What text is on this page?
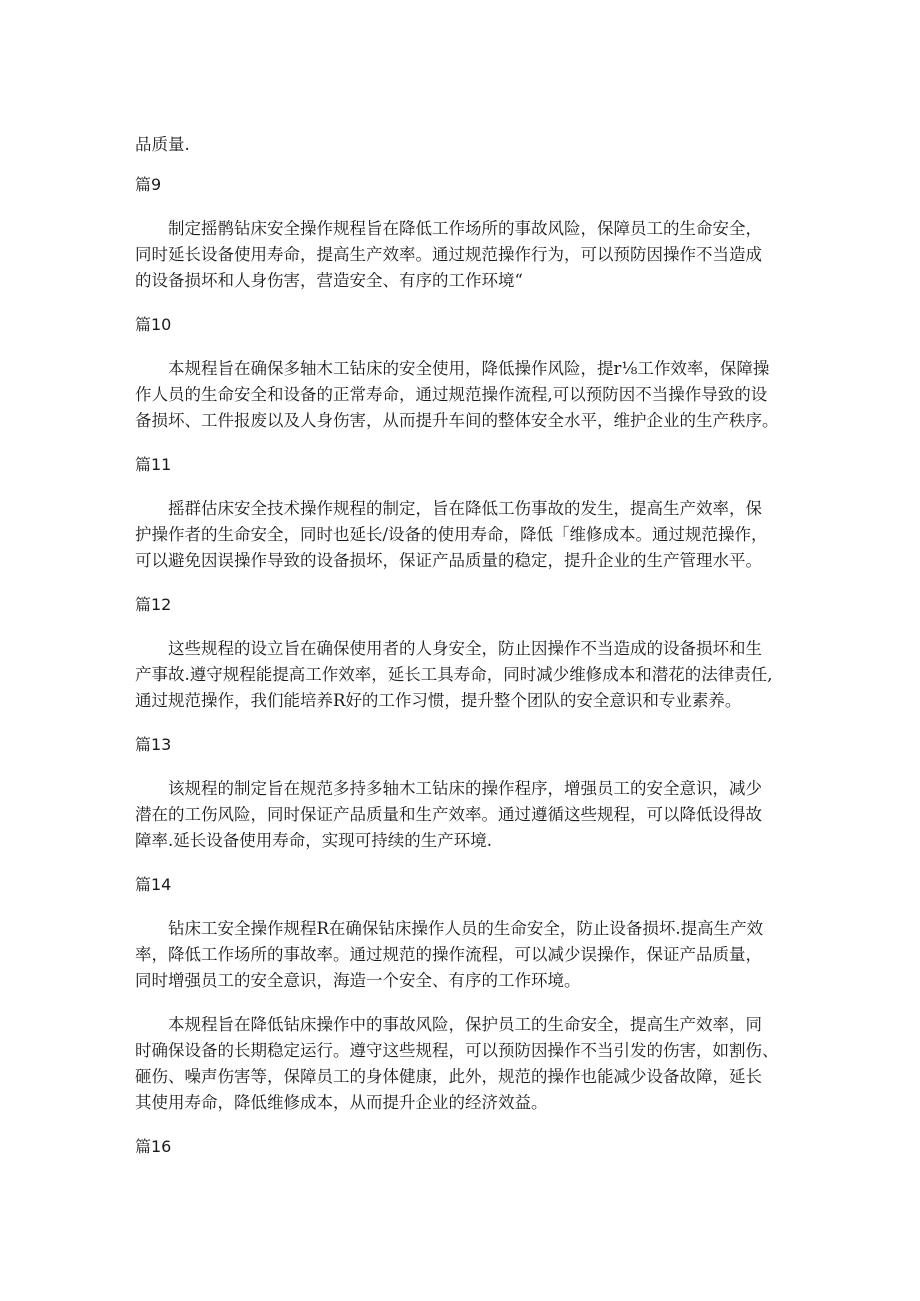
品质量.

篇9

制定摇鹘钻床安全操作规程旨在降低工作场所的事故风险，保障员工的生命安全，

同时延长设备使用寿命，提高生产效率。通过规范操作行为，可以预防因操作不当造成

的设备损坏和人身伤害，营造安全、有序的工作环境“

篇10

本规程旨在确保多轴木工钻床的安全使用，降低操作风险，提r⅛工作效率，保障操

作人员的生命安全和设备的正常寿命，通过规范操作流程,可以预防因不当操作导致的设

备损坏、工件报废以及人身伤害，从而提升车间的整体安全水平，维护企业的生产秩序。

篇11

摇群估床安全技术操作规程的制定，旨在降低工伤事故的发生，提高生产效率，保

护操作者的生命安全，同时也延长/设备的使用寿命，降低「维修成本。通过规范操作，

可以避免因误操作导致的设备损坏，保证产品质量的稳定，提升企业的生产管理水平。

篇12

这些规程的设立旨在确保使用者的人身安全，防止因操作不当造成的设备损坏和生

产事故.遵守规程能提高工作效率，延长工具寿命，同时减少维修成本和潜花的法律责任,

通过规范操作，我们能培养R好的工作习惯，提升整个团队的安全意识和专业素养。

篇13

该规程的制定旨在规范多持多轴木工钻床的操作程序，增强员工的安全意识，减少

潜在的工伤风险，同时保证产品质量和生产效率。通过遵循这些规程，可以降低设得故

障率.延长设备使用寿命，实现可持续的生产环境.

篇14

钻床工安全操作规程R在确保钻床操作人员的生命安全，防止设备损坏.提高生产效

率，降低工作场所的事故率。通过规范的操作流程，可以减少误操作，保证产品质量，

同时增强员工的安全意识，海造一个安全、有序的工作环境。

本规程旨在降低钻床操作中的事故风险，保护员工的生命安全，提高生产效率，同

时确保设备的长期稳定运行。遵守这些规程，可以预防因操作不当引发的伤害，如割伤、

砸伤、噪声伤害等，保障员工的身体健康，此外，规范的操作也能减少设备故障，延长

其使用寿命，降低维修成本，从而提升企业的经济效益。

篇16
